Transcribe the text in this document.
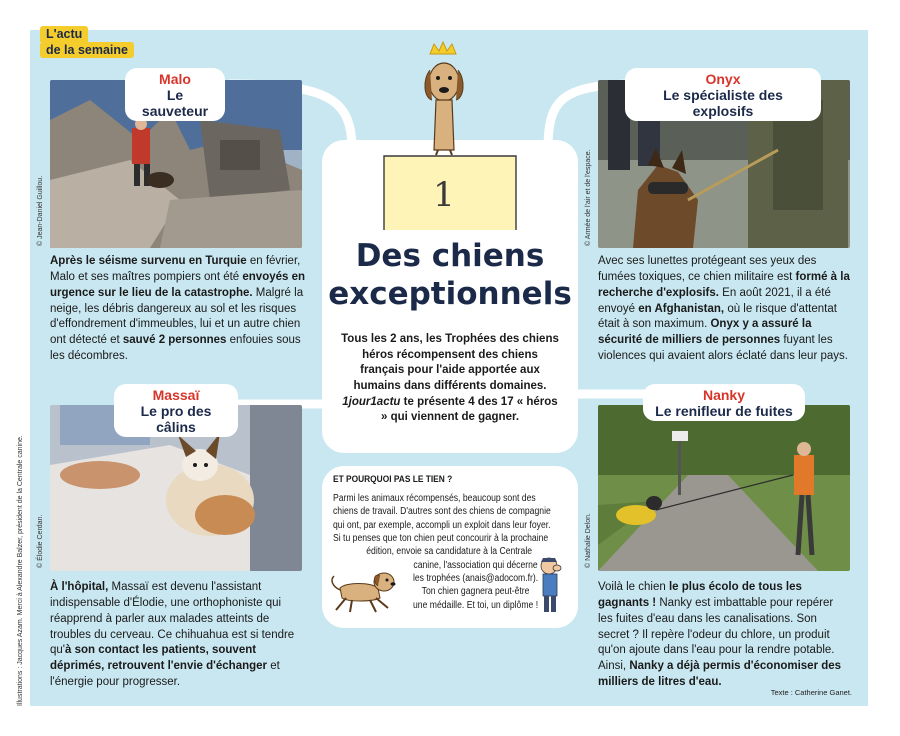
L'actu
de la semaine
Illustrations : Jacques Azam. Merci à Alexandre Balzer, président de la Centrale canine.
© Jean-Daniel Guillou.
Malo
Le sauveteur
Après le séisme survenu en Turquie en février, Malo et ses maîtres pompiers ont été envoyés en urgence sur le lieu de la catastrophe. Malgré la neige, les débris dangereux au sol et les risques d'effondrement d'immeubles, lui et un autre chien ont détecté et sauvé 2 personnes enfouies sous les décombres.
© Armée de l'air et de l'espace.
Onyx
Le spécialiste des explosifs
Avec ses lunettes protégeant ses yeux des fumées toxiques, ce chien militaire est formé à la recherche d'explosifs. En août 2021, il a été envoyé en Afghanistan, où le risque d'attentat était à son maximum. Onyx y a assuré la sécurité de milliers de personnes fuyant les violences qui avaient alors éclaté dans leur pays.
1
Des chiens
exceptionnels
Tous les 2 ans, les Trophées des chiens héros récompensent des chiens français pour l'aide apportée aux humains dans différents domaines. 1jour1actu te présente 4 des 17 « héros » qui viennent de gagner.
© Élodie Cerdan.
Massaï
Le pro des câlins
À l'hôpital, Massaï est devenu l'assistant indispensable d'Élodie, une orthophoniste qui réapprend à parler aux malades atteints de troubles du cerveau. Ce chihuahua est si tendre qu'à son contact les patients, souvent déprimés, retrouvent l'envie d'échanger et l'énergie pour progresser.
ET POURQUOI PAS LE TIEN ?
Parmi les animaux récompensés, beaucoup sont des
chiens de travail. D'autres sont des chiens de compagnie
qui ont, par exemple, accompli un exploit dans leur foyer.
Si tu penses que ton chien peut concourir à la prochaine
édition, envoie sa candidature à la Centrale
canine, l'association qui décerne
les trophées (anais@adocom.fr).
Ton chien gagnera peut-être
une médaille. Et toi, un diplôme !
© Nathalie Delon.
Nanky
Le renifleur de fuites
Voilà le chien le plus écolo de tous les gagnants ! Nanky est imbattable pour repérer les fuites d'eau dans les canalisations. Son secret ? Il repère l'odeur du chlore, un produit qu'on ajoute dans l'eau pour la rendre potable. Ainsi, Nanky a déjà permis d'économiser des milliers de litres d'eau.
Texte : Catherine Ganet.
